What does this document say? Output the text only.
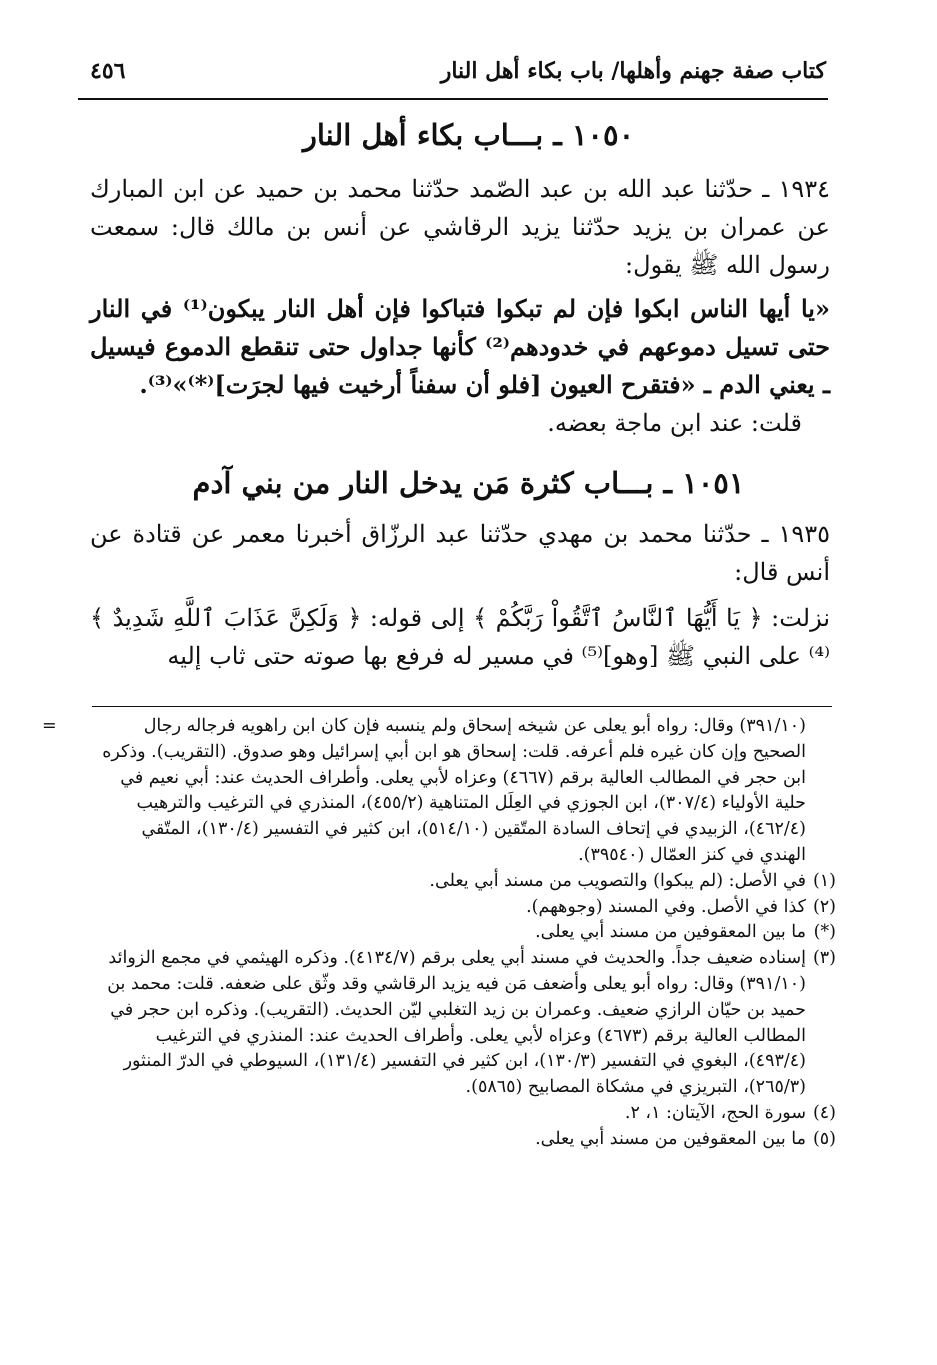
كتاب صفة جهنم وأهلها/ باب بكاء أهل النار
٤٥٦
١٠٥٠ ـ بـــاب بكاء أهل النار
١٩٣٤ ـ حدّثنا عبد الله بن عبد الصّمد حدّثنا محمد بن حميد عن ابن المبارك عن عمران بن يزيد حدّثنا يزيد الرقاشي عن أنس بن مالك قال: سمعت رسول الله ﷺ يقول:
«يا أيها الناس ابكوا فإن لم تبكوا فتباكوا فإن أهل النار يبكون⁽¹⁾ في النار حتى تسيل دموعهم في خدودهم⁽²⁾ كأنها جداول حتى تنقطع الدموع فيسيل ـ يعني الدم ـ «فتقرح العيون [فلو أن سفناً أرخيت فيها لجرَت]⁽*⁾»⁽³⁾.
قلت: عند ابن ماجة بعضه.
١٠٥١ ـ بـــاب كثرة مَن يدخل النار من بني آدم
١٩٣٥ ـ حدّثنا محمد بن مهدي حدّثنا عبد الرزّاق أخبرنا معمر عن قتادة عن أنس قال:
نزلت: ﴿ يَا أَيُّهَا ٱلنَّاسُ ٱتَّقُواْ رَبَّكُمْ ﴾ إلى قوله: ﴿ وَلَكِنَّ عَذَابَ ٱللَّهِ شَدِيدٌ ﴾⁽⁴⁾ على النبي ﷺ [وهو]⁽⁵⁾ في مسير له فرفع بها صوته حتى ثاب إليه
=	(٣٩١/١٠) وقال: رواه أبو يعلى عن شيخه إسحاق ولم ينسبه فإن كان ابن راهويه فرجاله رجال الصحيح وإن كان غيره فلم أعرفه. قلت: إسحاق هو ابن أبي إسرائيل وهو صدوق. (التقريب). وذكره ابن حجر في المطالب العالية برقم (٤٦٦٧) وعزاه لأبي يعلى. وأطراف الحديث عند: أبي نعيم في حلية الأولياء (٣٠٧/٤)، ابن الجوزي في العِلَل المتناهية (٤٥٥/٢)، المنذري في الترغيب والترهيب (٤٦٢/٤)، الزبيدي في إتحاف السادة المتّقين (٥١٤/١٠)، ابن كثير في التفسير (١٣٠/٤)، المتّقي الهندي في كنز العمّال (٣٩٥٤٠).
(١)
في الأصل: (لم يبكوا) والتصويب من مسند أبي يعلى.
(٢)
كذا في الأصل. وفي المسند (وجوههم).
(*)
ما بين المعقوفين من مسند أبي يعلى.
(٣)
إسناده ضعيف جداً. والحديث في مسند أبي يعلى برقم (٤١٣٤/٧). وذكره الهيثمي في مجمع الزوائد (٣٩١/١٠) وقال: رواه أبو يعلى وأضعف مَن فيه يزيد الرقاشي وقد وثّق على ضعفه. قلت: محمد بن حميد بن حيّان الرازي ضعيف. وعمران بن زيد التغلبي ليّن الحديث. (التقريب). وذكره ابن حجر في المطالب العالية برقم (٤٦٧٣) وعزاه لأبي يعلى. وأطراف الحديث عند: المنذري في الترغيب (٤٩٣/٤)، البغوي في التفسير (١٣٠/٣)، ابن كثير في التفسير (١٣١/٤)، السيوطي في الدرّ المنثور (٢٦٥/٣)، التبريزي في مشكاة المصابيح (٥٨٦٥).
(٤)
سورة الحج، الآيتان: ١، ٢.
(٥)
ما بين المعقوفين من مسند أبي يعلى.
